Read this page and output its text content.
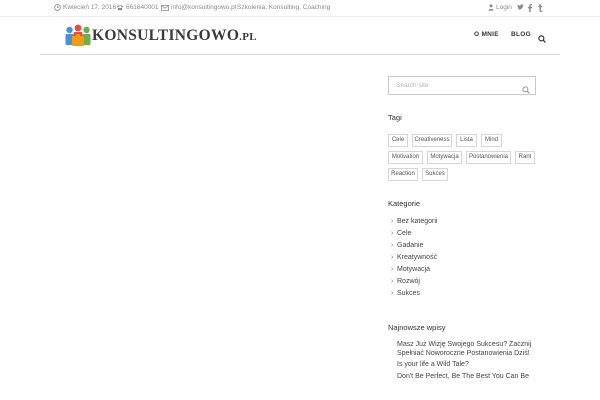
Kwiecień 17, 2016	661640001	info@konsultingowo.pl Szkolenia, Konsulting, Coaching	Login
KONSULTINGOWO.PL	O MNIE BLOG
Search site
Tagi
Cele	Creativeness	Lista	Mind
Motivation	Motywacja	Postanowienia	Rant
Reaction	Sukces
Kategorie
› Bez kategorii
› Cele
› Gadanie
› Kreatywność
› Motywacja
› Rozwój
› Sukces
Najnowsze wpisy
Masz Już Wizję Swojego Sukcesu? Zacznij Spełniać Noworoczne Postanowienia Dziś!
Is your life a Wild Tale?
Don't Be Perfect, Be The Best You Can Be
